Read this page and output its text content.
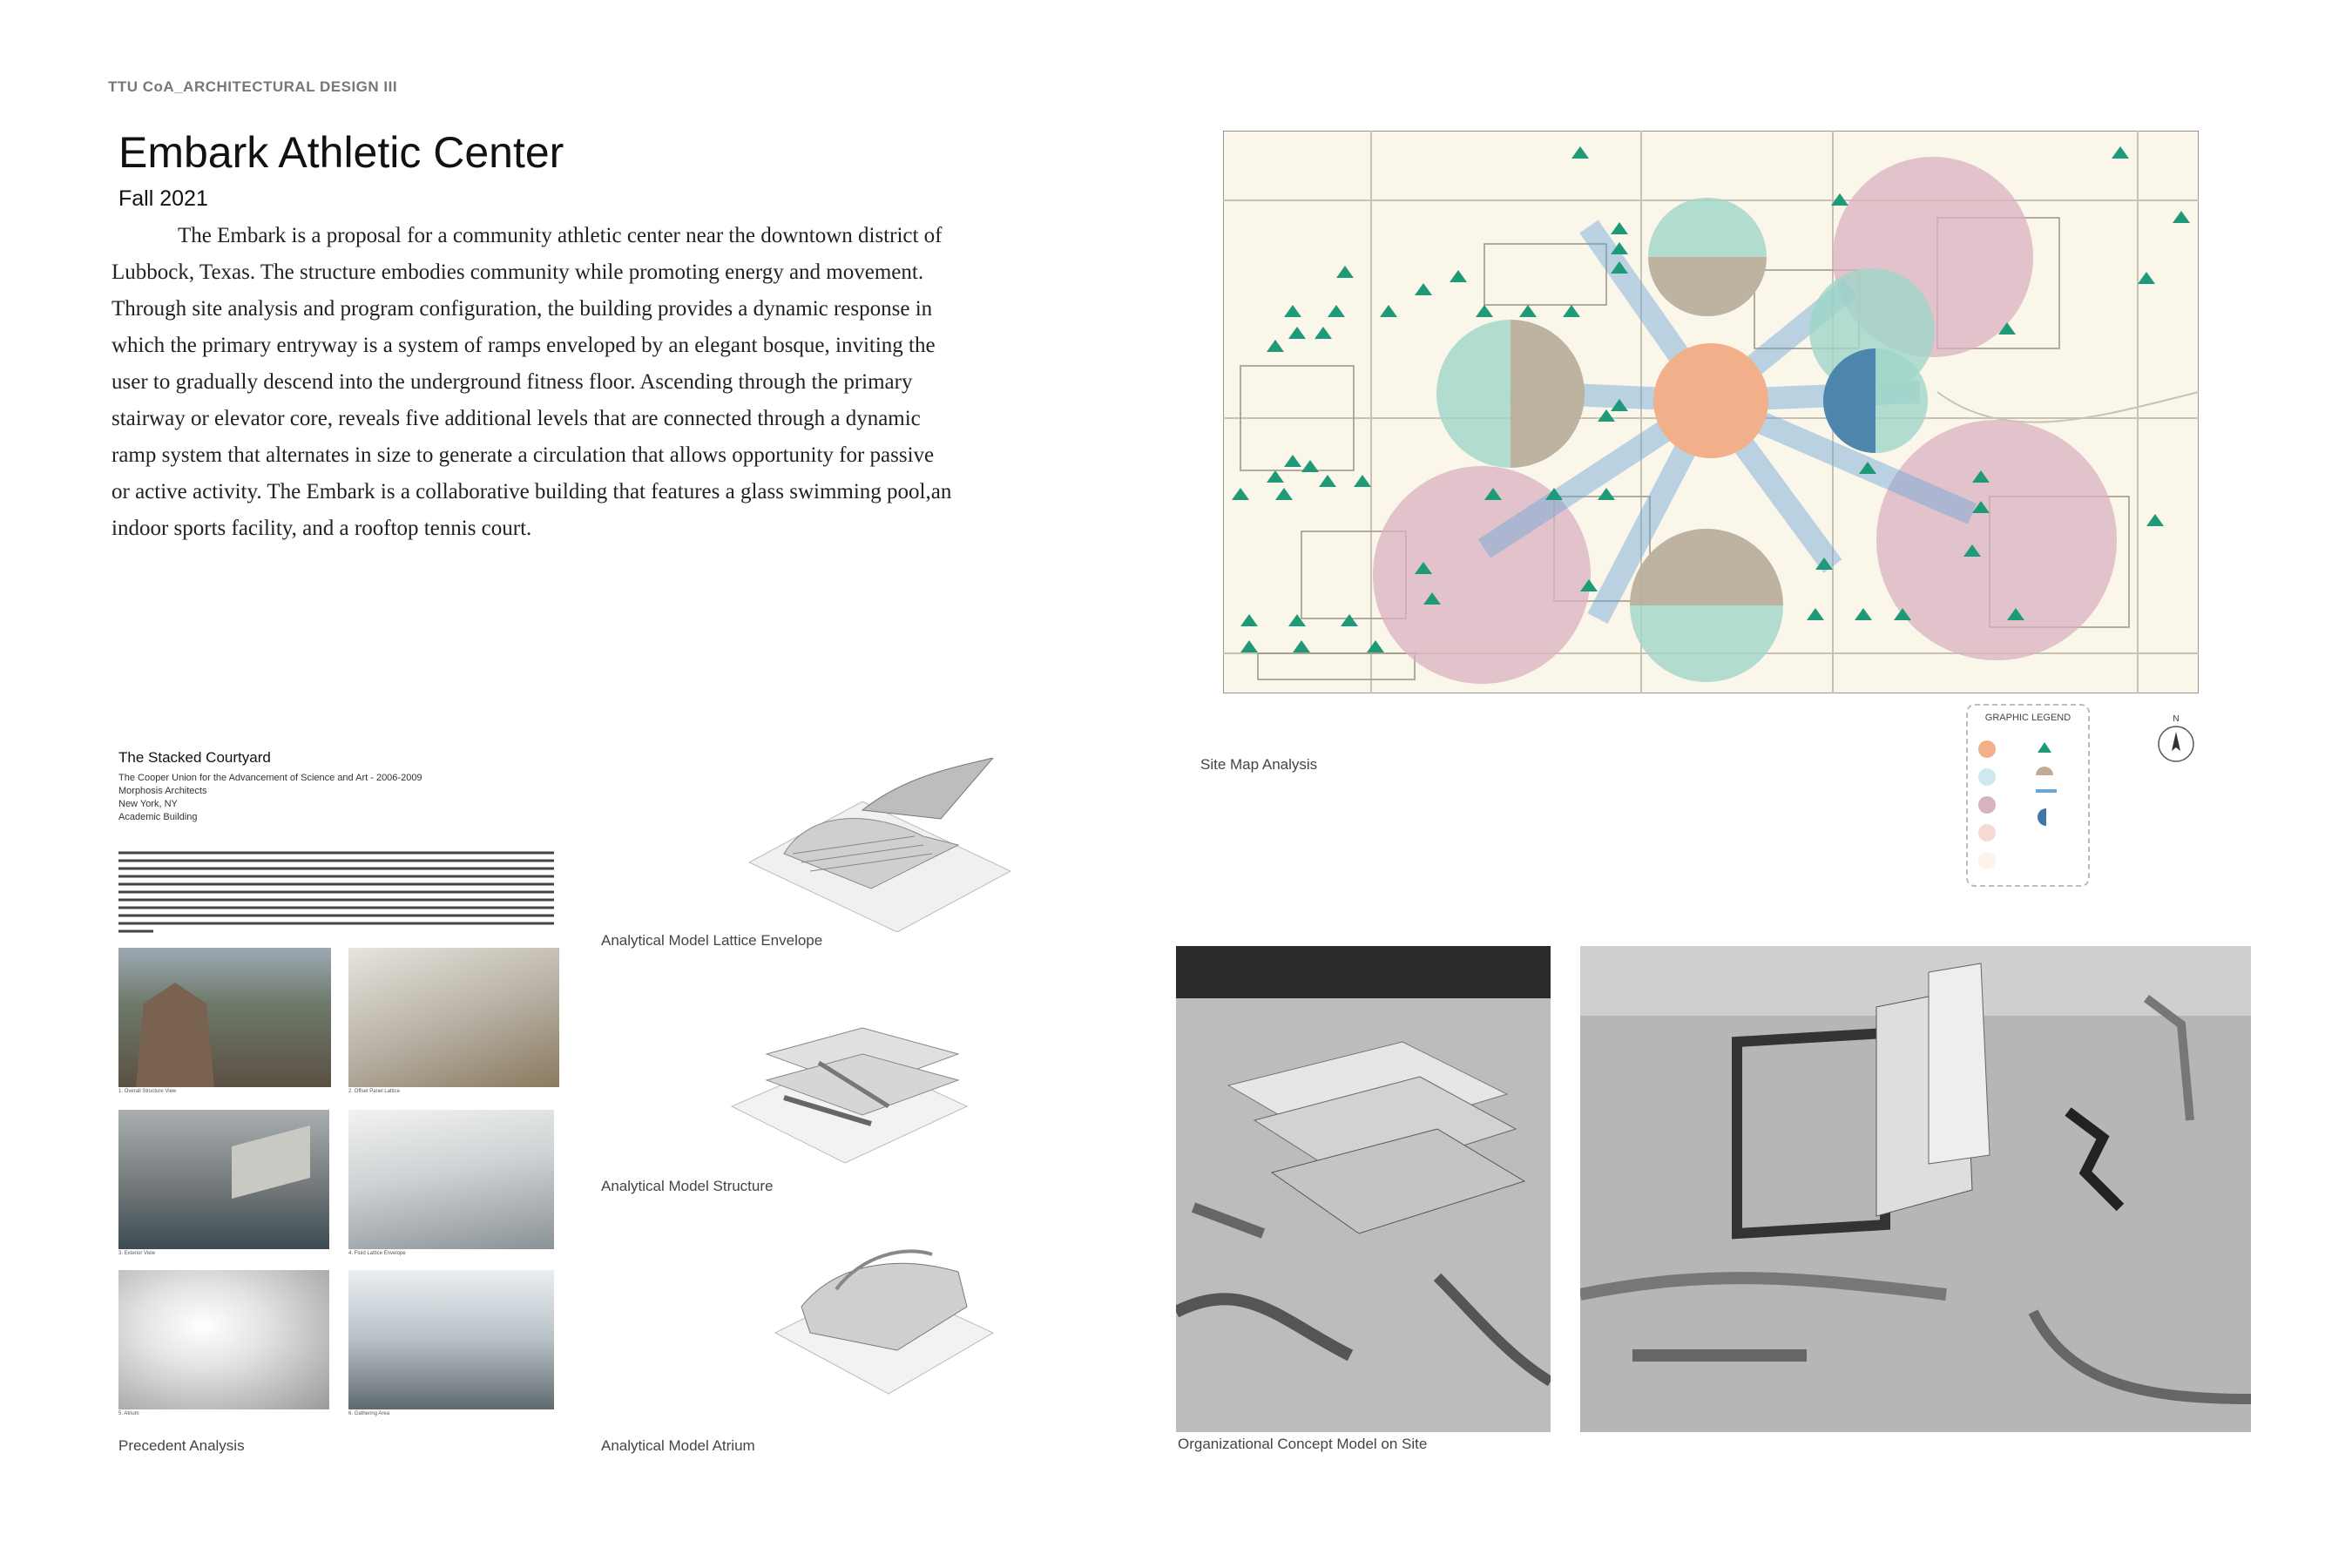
TTU CoA_ARCHITECTURAL DESIGN III
Embark Athletic Center
Fall 2021
The Embark is a proposal for a community athletic center near the downtown district of Lubbock, Texas. The structure embodies community while promoting energy and movement. Through site analysis and program configuration, the building provides a dynamic response in which the primary entryway is a system of ramps enveloped by an elegant bosque, inviting the user to gradually descend into the underground fitness floor. Ascending through the primary stairway or elevator core, reveals five additional levels that are connected through a dynamic ramp system that alternates in size to generate a circulation that allows opportunity for passive or active activity. The Embark is a collaborative building that features a glass swimming pool,an indoor sports facility, and a rooftop tennis court.
Site Map Analysis
GRAPHIC LEGEND	N
The Stacked Courtyard
The Cooper Union for the Advancement of Science and Art - 2006-2009
Morphosis Architects
New York, NY
Academic Building
1. Overall Structure View	2. Offset Panel Lattice
3. Exterior View	4. Fluid Lattice Envelope
5. Atrium	6. Gathering Area
Precedent Analysis
Analytical Model Lattice Envelope
Analytical Model Structure
Analytical Model Atrium	Organizational Concept Model on Site
